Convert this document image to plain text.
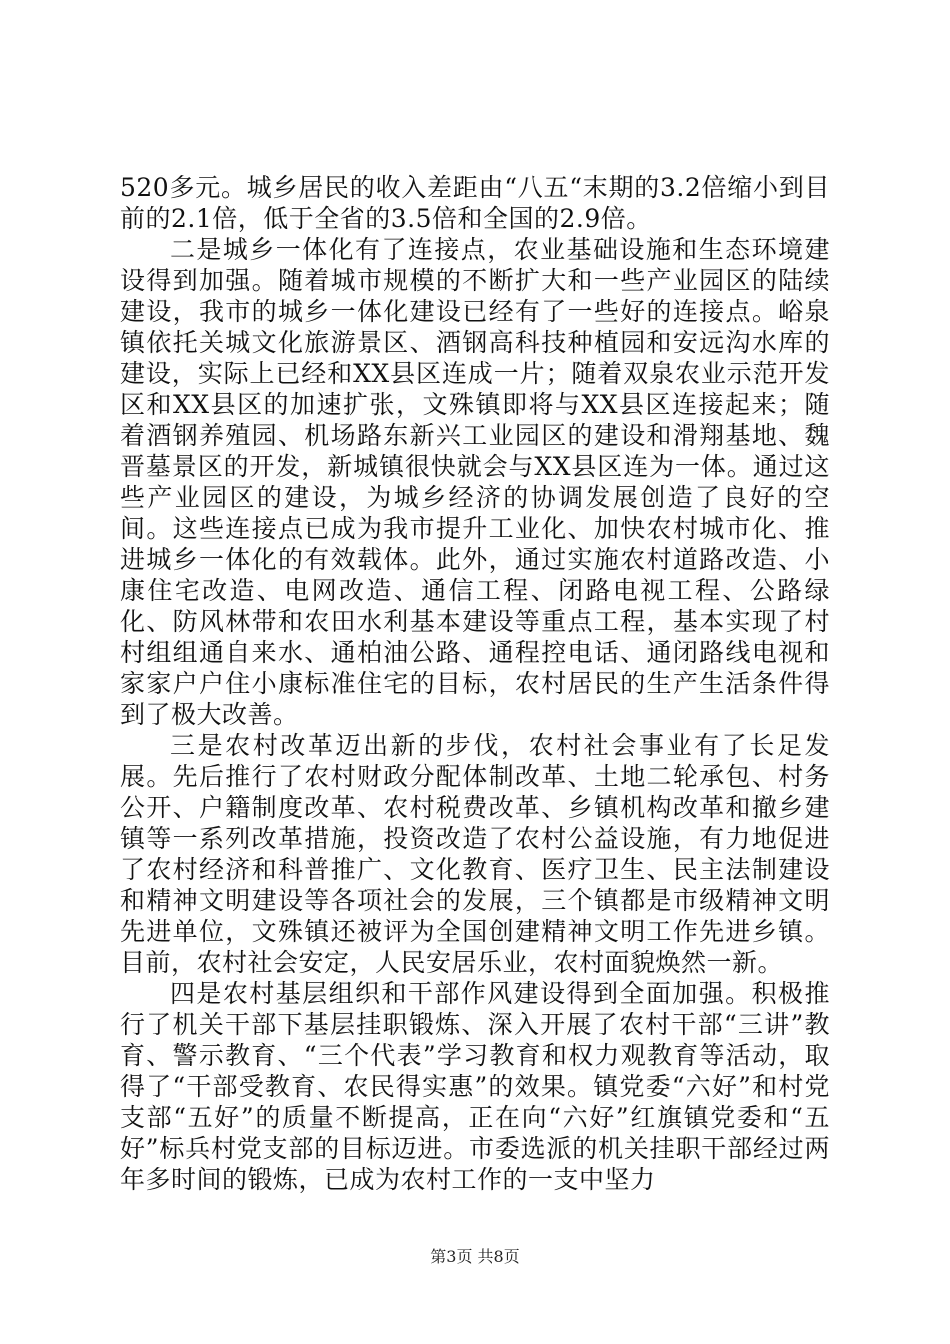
520多元。城乡居民的收入差距由“八五“末期的3.2倍缩小到目前的2.1倍，低于全省的3.5倍和全国的2.9倍。

二是城乡一体化有了连接点，农业基础设施和生态环境建设得到加强。随着城市规模的不断扩大和一些产业园区的陆续建设，我市的城乡一体化建设已经有了一些好的连接点。峪泉镇依托关城文化旅游景区、酒钢高科技种植园和安远沟水库的建设，实际上已经和XX县区连成一片；随着双泉农业示范开发区和XX县区的加速扩张，文殊镇即将与XX县区连接起来；随着酒钢养殖园、机场路东新兴工业园区的建设和滑翔基地、魏晋墓景区的开发，新城镇很快就会与XX县区连为一体。通过这些产业园区的建设，为城乡经济的协调发展创造了良好的空间。这些连接点已成为我市提升工业化、加快农村城市化、推进城乡一体化的有效载体。此外，通过实施农村道路改造、小康住宅改造、电网改造、通信工程、闭路电视工程、公路绿化、防风林带和农田水利基本建设等重点工程，基本实现了村村组组通自来水、通柏油公路、通程控电话、通闭路线电视和家家户户住小康标准住宅的目标，农村居民的生产生活条件得到了极大改善。

三是农村改革迈出新的步伐，农村社会事业有了长足发展。先后推行了农村财政分配体制改革、土地二轮承包、村务公开、户籍制度改革、农村税费改革、乡镇机构改革和撤乡建镇等一系列改革措施，投资改造了农村公益设施，有力地促进了农村经济和科普推广、文化教育、医疗卫生、民主法制建设和精神文明建设等各项社会的发展，三个镇都是市级精神文明先进单位，文殊镇还被评为全国创建精神文明工作先进乡镇。目前，农村社会安定，人民安居乐业，农村面貌焕然一新。

四是农村基层组织和干部作风建设得到全面加强。积极推行了机关干部下基层挂职锻炼、深入开展了农村干部“三讲”教育、警示教育、“三个代表”学习教育和权力观教育等活动，取得了“干部受教育、农民得实惠”的效果。镇党委“六好”和村党支部“五好”的质量不断提高，正在向“六好”红旗镇党委和“五好”标兵村党支部的目标迈进。市委选派的机关挂职干部经过两年多时间的锻炼，已成为农村工作的一支中坚力

第3页 共8页
